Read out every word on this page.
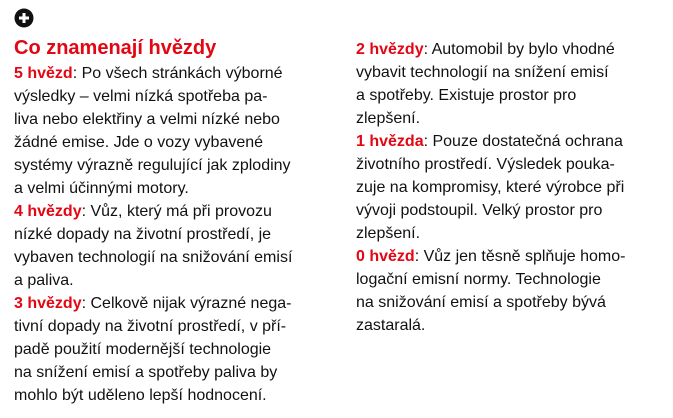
Co znamenají hvězdy

5 hvězd: Po všech stránkách výborné

výsledky – velmi nízká spotřeba pa-

liva nebo elektřiny a velmi nízké nebo

žádné emise. Jde o vozy vybavené

systémy výrazně regulující jak zplodiny

a velmi účinnými motory.

4 hvězdy: Vůz, který má při provozu

nízké dopady na životní prostředí, je

vybaven technologií na snižování emisí

a paliva.

3 hvězdy: Celkově nijak výrazné nega-

tivní dopady na životní prostředí, v pří-

padě použití modernější technologie

na snížení emisí a spotřeby paliva by

mohlo být uděleno lepší hodnocení.

2 hvězdy: Automobil by bylo vhodné

vybavit technologií na snížení emisí

a spotřeby. Existuje prostor pro

zlepšení.

1 hvězda: Pouze dostatečná ochrana

životního prostředí. Výsledek pouka-

zuje na kompromisy, které výrobce při

vývoji podstoupil. Velký prostor pro

zlepšení.

0 hvězd: Vůz jen těsně splňuje homo-

logační emisní normy. Technologie

na snižování emisí a spotřeby bývá

zastaralá.
